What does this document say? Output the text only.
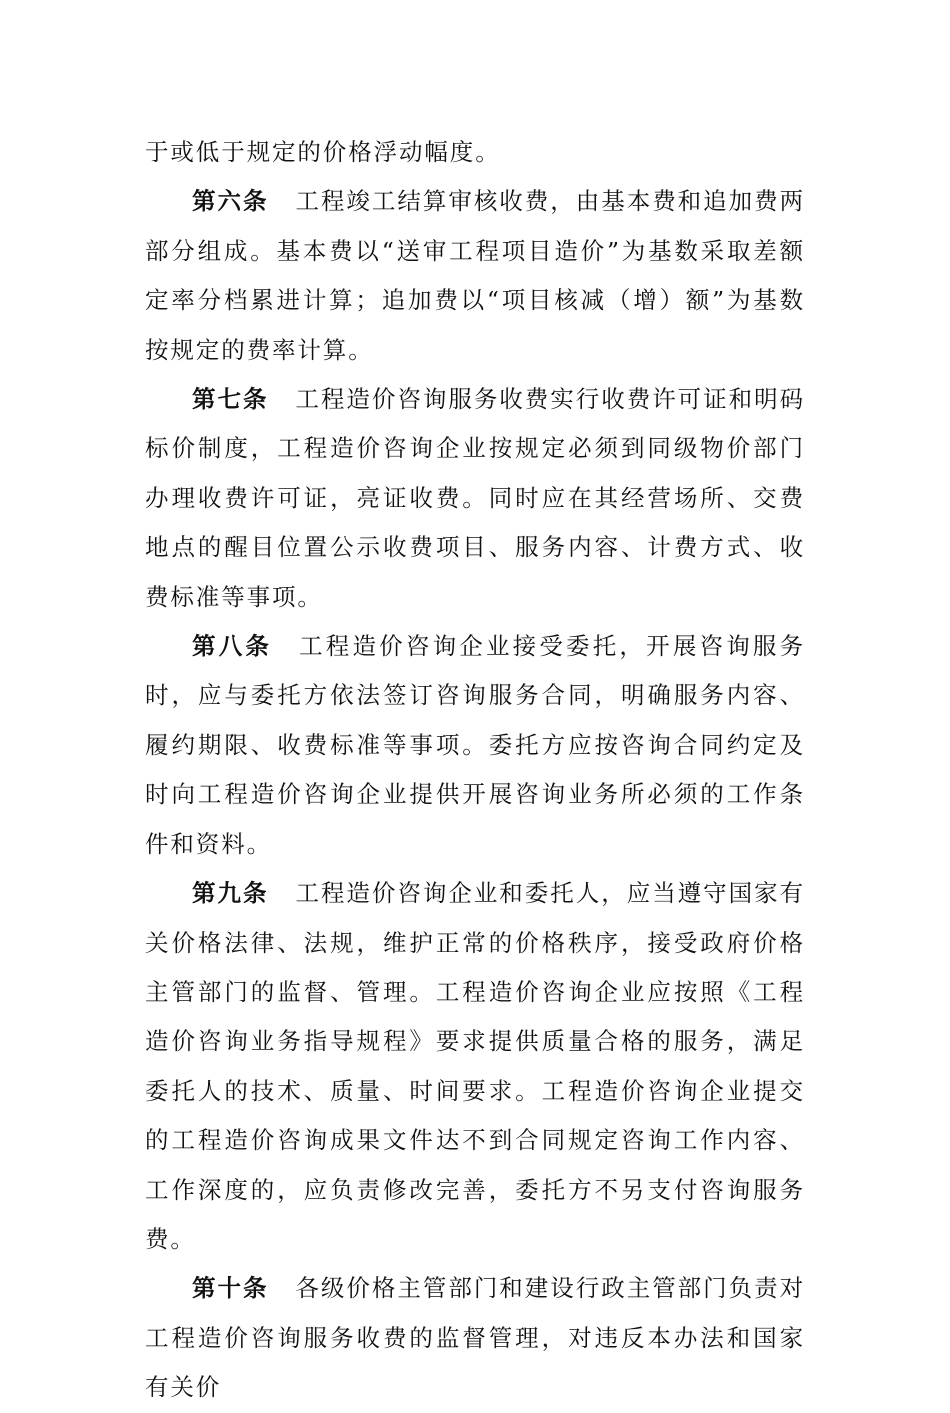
于或低于规定的价格浮动幅度。

第六条 工程竣工结算审核收费，由基本费和追加费两部分组成。基本费以“送审工程项目造价”为基数采取差额定率分档累进计算；追加费以“项目核减（增）额”为基数按规定的费率计算。

第七条 工程造价咨询服务收费实行收费许可证和明码标价制度，工程造价咨询企业按规定必须到同级物价部门办理收费许可证，亮证收费。同时应在其经营场所、交费地点的醒目位置公示收费项目、服务内容、计费方式、收费标准等事项。

第八条 工程造价咨询企业接受委托，开展咨询服务时，应与委托方依法签订咨询服务合同，明确服务内容、履约期限、收费标准等事项。委托方应按咨询合同约定及时向工程造价咨询企业提供开展咨询业务所必须的工作条件和资料。

第九条 工程造价咨询企业和委托人，应当遵守国家有关价格法律、法规，维护正常的价格秩序，接受政府价格主管部门的监督、管理。工程造价咨询企业应按照《工程造价咨询业务指导规程》要求提供质量合格的服务，满足委托人的技术、质量、时间要求。工程造价咨询企业提交的工程造价咨询成果文件达不到合同规定咨询工作内容、工作深度的，应负责修改完善，委托方不另支付咨询服务费。

第十条 各级价格主管部门和建设行政主管部门负责对工程造价咨询服务收费的监督管理，对违反本办法和国家有关价
